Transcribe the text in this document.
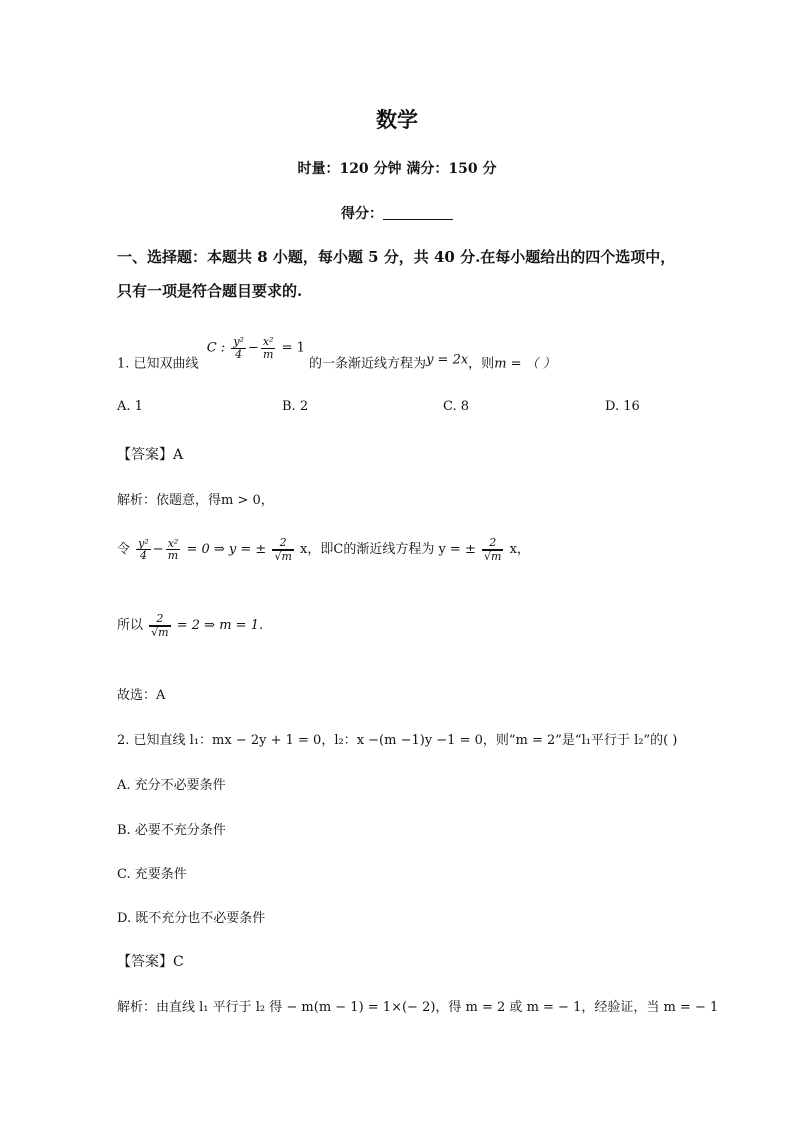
数学
时量：120 分钟 满分：150 分
得分：
一、选择题：本题共 8 小题，每小题 5 分，共 40 分.在每小题给出的四个选项中，
只有一项是符合题目要求的.
1. 已知双曲线 C : $\frac{\text{y²}}{4} - \frac{\text{x²}}{m} = 1$ 的一条渐近线方程为y = 2x，则m = （ ）
A. 1	B. 2	C. 8	D. 16
【答案】A
解析：依题意，得m > 0，
令 $\frac{\text{y²}}{4} - \frac{\text{x²}}{m} = 0$ ⇒ y = ± $\frac{2}{√m}$ x，即C的渐近线方程为 y = ± $\frac{2}{√m}$ x，
所以 $\frac{2}{√m} = 2$ ⇒ m = 1.
故选：A
2. 已知直线 l₁：mx − 2y + 1 = 0，l₂：x −(m −1)y −1 = 0，则“m = 2”是“l₁平行于 l₂”的( )
A. 充分不必要条件
B. 必要不充分条件
C. 充要条件
D. 既不充分也不必要条件
【答案】C
解析：由直线 l₁ 平行于 l₂ 得 − m(m − 1) = 1×(− 2)，得 m = 2 或 m = − 1，经验证，当 m = − 1
